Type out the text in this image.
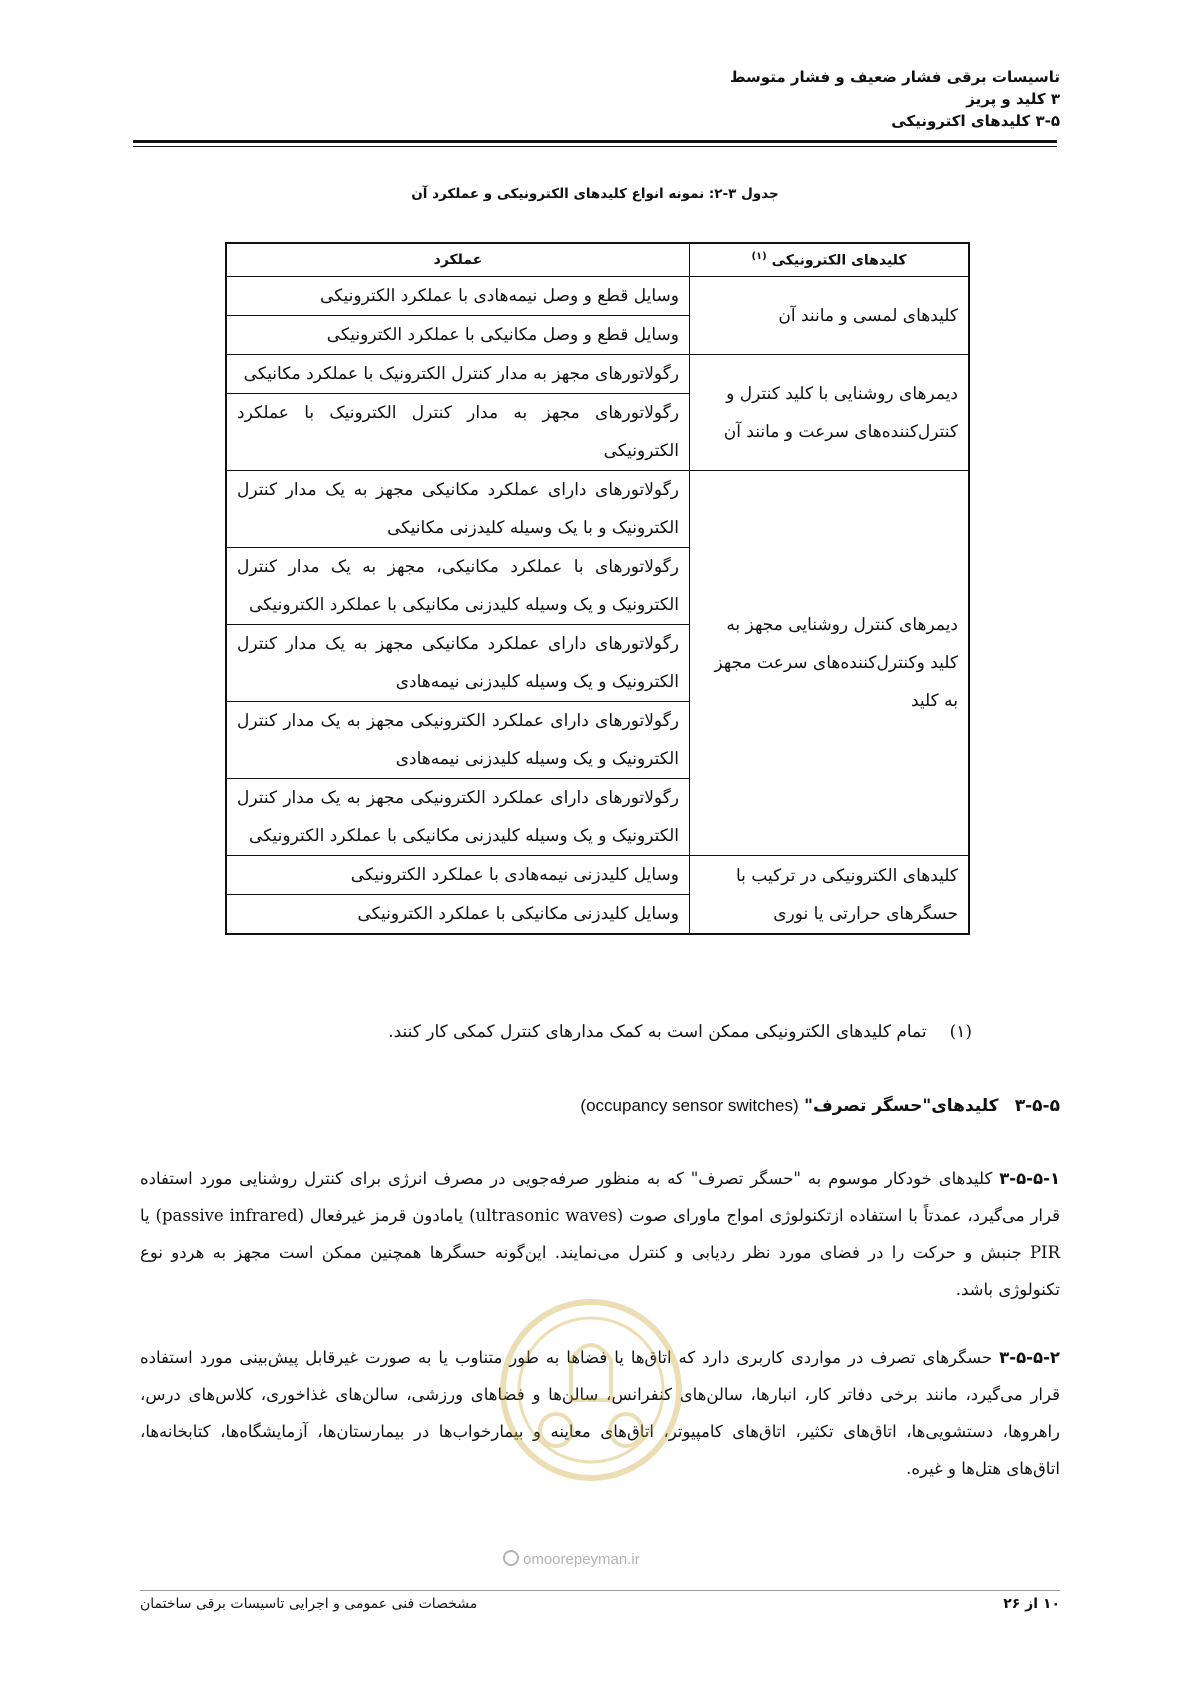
تاسیسات برقی فشار ضعیف و فشار متوسط
۳ کلید و پریز
۳-۵ کلیدهای اکترونیکی
جدول ۳-۲: نمونه انواع کلیدهای الکترونیکی و عملکرد آن
کلیدهای الکترونیکی $^{(۱)}$	عملکرد
کلیدهای لمسی و مانند آن	وسایل قطع و وصل نیمه‌هادی با عملکرد الکترونیکی
	وسایل قطع و وصل مکانیکی با عملکرد الکترونیکی
دیمرهای روشنایی با کلید کنترل و کنترل‌کننده‌های سرعت و مانند آن	رگولاتورهای مجهز به مدار کنترل الکترونیک با عملکرد مکانیکی
	رگولاتورهای مجهز به مدار کنترل الکترونیک با عملکرد الکترونیکی
دیمرهای کنترل روشنایی مجهز به کلید وکنترل‌کننده‌های سرعت مجهز به کلید	رگولاتورهای دارای عملکرد مکانیکی مجهز به یک مدار کنترل الکترونیک و با یک وسیله کلیدزنی مکانیکی
	رگولاتورهای با عملکرد مکانیکی، مجهز به یک مدار کنترل الکترونیک و یک وسیله کلیدزنی مکانیکی با عملکرد الکترونیکی
	رگولاتورهای دارای عملکرد مکانیکی مجهز به یک مدار کنترل الکترونیک و یک وسیله کلیدزنی نیمه‌هادی
	رگولاتورهای دارای عملکرد الکترونیکی مجهز به یک مدار کنترل الکترونیک و یک وسیله کلیدزنی نیمه‌هادی
	رگولاتورهای دارای عملکرد الکترونیکی مجهز به یک مدار کنترل الکترونیک و یک وسیله کلیدزنی مکانیکی با عملکرد الکترونیکی
کلیدهای الکترونیکی در ترکیب با حسگرهای حرارتی یا نوری	وسایل کلیدزنی نیمه‌هادی با عملکرد الکترونیکی
	وسایل کلیدزنی مکانیکی با عملکرد الکترونیکی
(۱) تمام کلیدهای الکترونیکی ممکن است به کمک مدارهای کنترل کمکی کار کنند.
۳-۵-۵   کلیدهای"حسگر تصرف" (occupancy sensor switches)
۳-۵-۵-۱ کلیدهای خودکار موسوم به "حسگر تصرف" که به منظور صرفه‌جویی در مصرف انرژی برای کنترل روشنایی مورد استفاده قرار می‌گیرد، عمدتاً با استفاده ازتکنولوژی امواج ماورای صوت (ultrasonic waves) یامادون قرمز غیرفعال (passive infrared) یا PIR جنبش و حرکت را در فضای مورد نظر ردیابی و کنترل می‌نمایند. این‌گونه حسگرها همچنین ممکن است مجهز به هردو نوع تکنولوژی باشد.
۳-۵-۵-۲ حسگرهای تصرف در مواردی کاربری دارد که اتاق‌ها یا فضاها به طور متناوب یا به صورت غیرقابل پیش‌بینی مورد استفاده قرار می‌گیرد، مانند برخی دفاتر کار، انبارها، سالن‌های کنفرانس، سالن‌ها و فضاهای ورزشی، سالن‌های غذاخوری، کلاس‌های درس، راهروها، دستشویی‌ها، اتاق‌های تکثیر، اتاق‌های کامپیوتر، اتاق‌های معاینه و بیمارخواب‌ها در بیمارستان‌ها، آزمایشگاه‌ها، کتابخانه‌ها، اتاق‌های هتل‌ها و غیره.
omoorepeyman.ir
مشخصات فنی عمومی و اجرایی تاسیسات برقی ساختمان	۱۰ از ۲۶
